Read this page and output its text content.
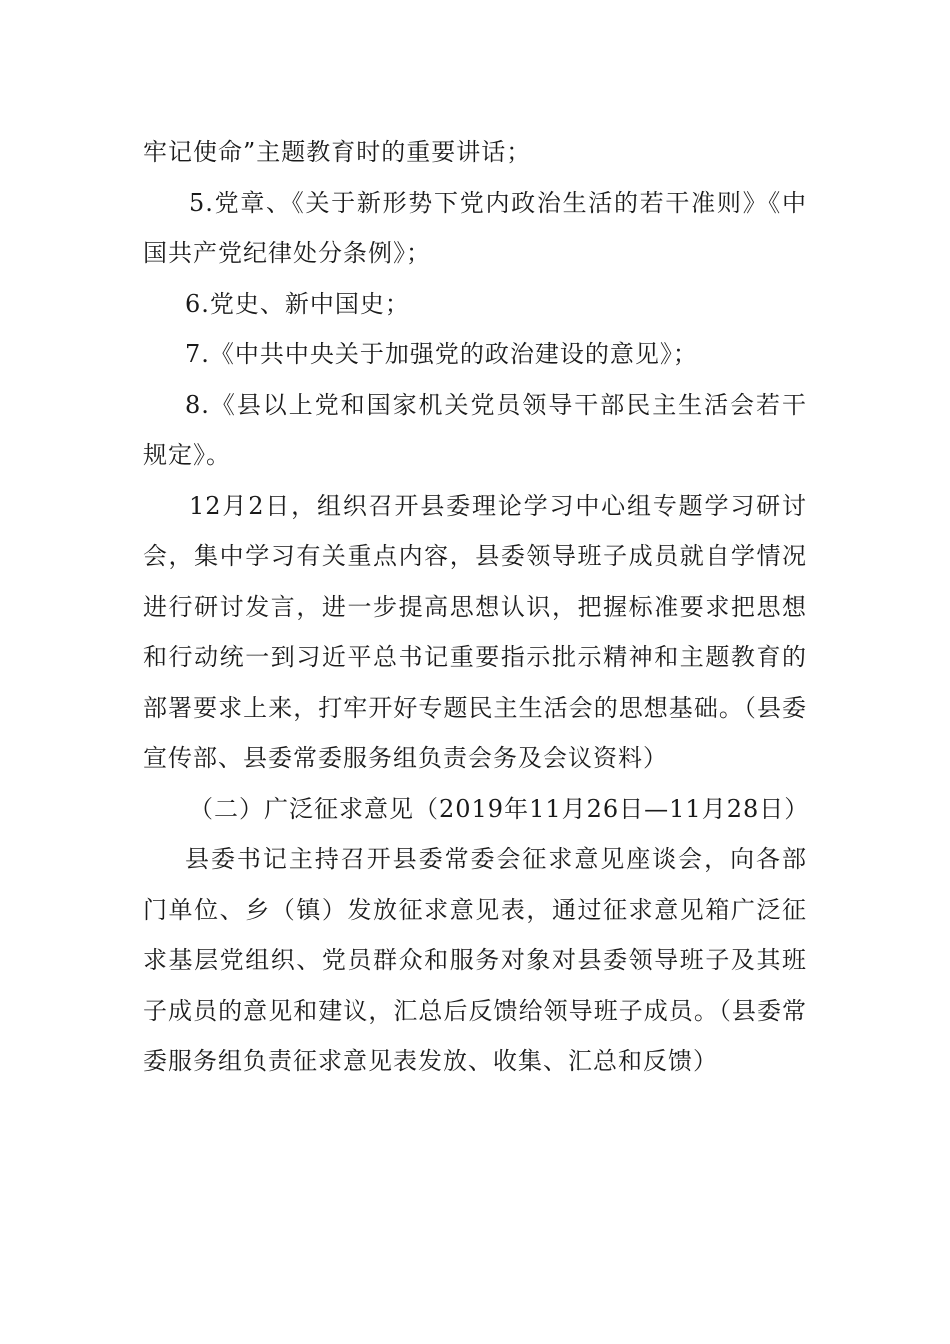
牢记使命”主题教育时的重要讲话；

5.党章、《关于新形势下党内政治生活的若干准则》《中国共产党纪律处分条例》；

6.党史、新中国史；

7.《中共中央关于加强党的政治建设的意见》；

8.《县以上党和国家机关党员领导干部民主生活会若干规定》。

12月2日，组织召开县委理论学习中心组专题学习研讨会，集中学习有关重点内容，县委领导班子成员就自学情况进行研讨发言，进一步提高思想认识，把握标准要求把思想和行动统一到习近平总书记重要指示批示精神和主题教育的部署要求上来，打牢开好专题民主生活会的思想基础。（县委宣传部、县委常委服务组负责会务及会议资料）

（二）广泛征求意见（2019年11月26日—11月28日）

县委书记主持召开县委常委会征求意见座谈会，向各部门单位、乡（镇）发放征求意见表，通过征求意见箱广泛征求基层党组织、党员群众和服务对象对县委领导班子及其班子成员的意见和建议，汇总后反馈给领导班子成员。（县委常委服务组负责征求意见表发放、收集、汇总和反馈）
